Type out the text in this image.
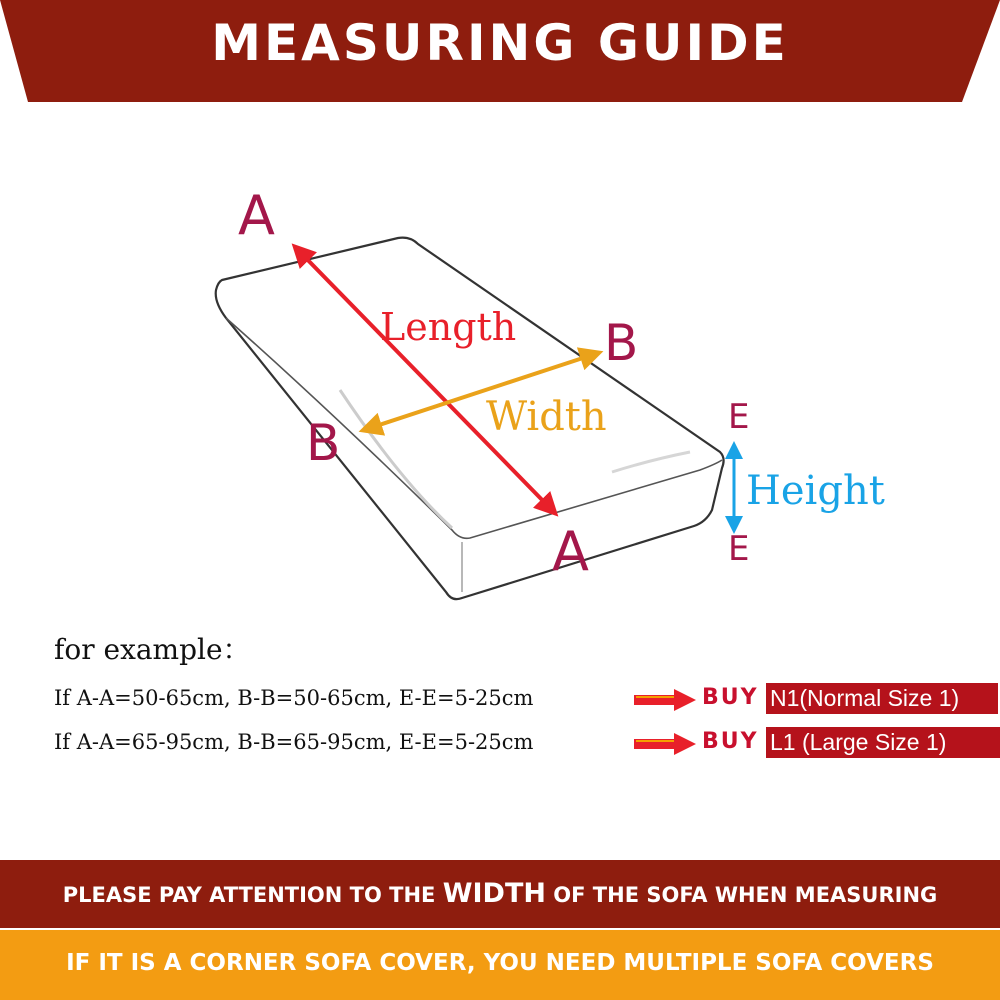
MEASURING GUIDE
A
A
B
B	E
E
Length
Width
Height
for example：
If A-A=50-65cm, B-B=50-65cm, E-E=5-25cm	BUY N1(Normal Size 1)
If A-A=65-95cm, B-B=65-95cm, E-E=5-25cm	BUY L1 (Large Size 1)
PLEASE PAY ATTENTION TO THE WIDTH OF THE SOFA WHEN MEASURING
IF IT IS A CORNER SOFA COVER, YOU NEED MULTIPLE SOFA COVERS
